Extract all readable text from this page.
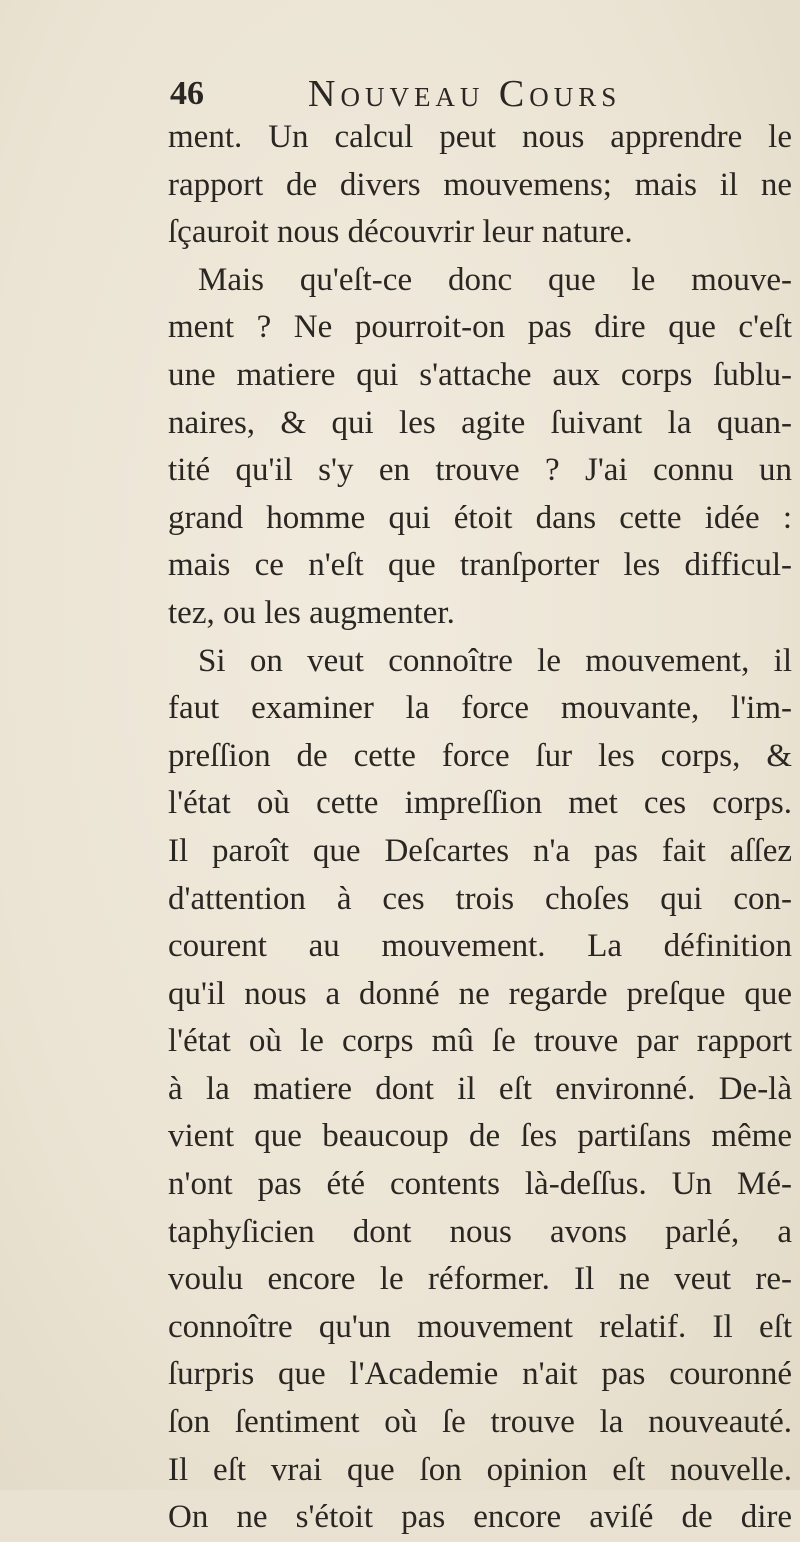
46	Nouveau Cours
ment. Un calcul peut nous apprendre le
rapport de divers mouvemens; mais il ne
ſçauroit nous découvrir leur nature.
Mais qu'eſt-ce donc que le mouve-
ment ? Ne pourroit-on pas dire que c'eſt
une matiere qui s'attache aux corps ſublu-
naires, & qui les agite ſuivant la quan-
tité qu'il s'y en trouve ? J'ai connu un
grand homme qui étoit dans cette idée :
mais ce n'eſt que tranſporter les difficul-
tez, ou les augmenter.
Si on veut connoître le mouvement, il
faut examiner la force mouvante, l'im-
preſſion de cette force ſur les corps, &
l'état où cette impreſſion met ces corps.
Il paroît que Deſcartes n'a pas fait aſſez
d'attention à ces trois choſes qui con-
courent au mouvement. La définition
qu'il nous a donné ne regarde preſque que
l'état où le corps mû ſe trouve par rapport
à la matiere dont il eſt environné. De-là
vient que beaucoup de ſes partiſans même
n'ont pas été contents là-deſſus. Un Mé-
taphyſicien dont nous avons parlé, a
voulu encore le réformer. Il ne veut re-
connoître qu'un mouvement relatif. Il eſt
ſurpris que l'Academie n'ait pas couronné
ſon ſentiment où ſe trouve la nouveauté.
Il eſt vrai que ſon opinion eſt nouvelle.
On ne s'étoit pas encore aviſé de dire
